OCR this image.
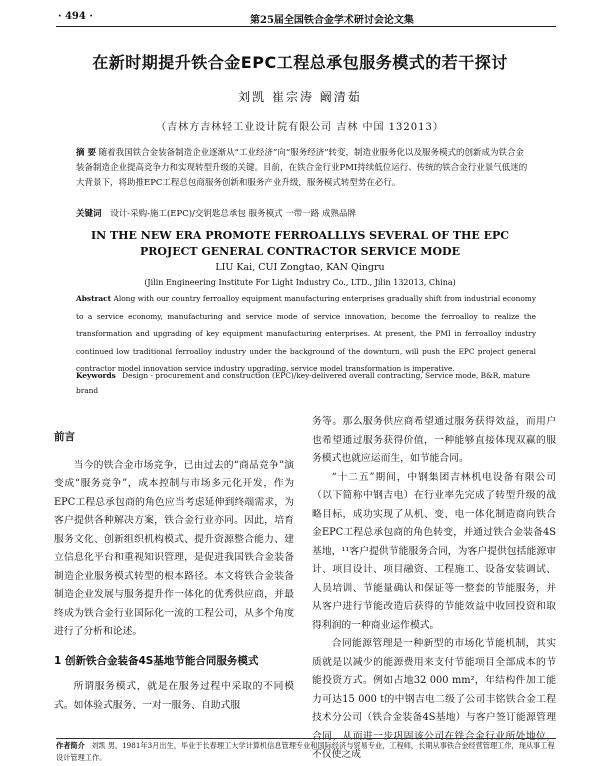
· 494 ·	第25届全国铁合金学术研讨会论文集
在新时期提升铁合金EPC工程总承包服务模式的若干探讨
刘凯 崔宗涛 阚清茹
（吉林方吉林轻工业设计院有限公司 吉林 中国 132013）
摘 要 随着我国铁合金装备制造企业逐渐从“工业经济”向“服务经济”转变，制造业服务化以及服务模式的创新成为铁合金装备制造企业提高竞争力和实现转型升级的关键。目前，在铁合金行业PMI持续低位运行、传统的铁合金行业景气低迷的大背景下，将助推EPC工程总包商服务创新和服务产业升级，服务模式转型势在必行。
关键词 设计-采购-施工(EPC)/交钥匙总承包 服务模式 一带一路 成熟品牌
IN THE NEW ERA PROMOTE FERROALLLYS SEVERAL OF THE EPC
PROJECT GENERAL CONTRACTOR SERVICE MODE
LIU Kai, CUI Zongtao, KAN Qingru
(Jilin Engineering Institute For Light Industry Co., LTD., Jilin 132013, China)
Abstract Along with our country ferroalloy equipment manufacturing enterprises gradually shift from industrial economy to a service economy, manufacturing and service mode of service innovation, become the ferroalloy to realize the transformation and upgrading of key equipment manufacturing enterprises. At present, the PMI in ferroalloy industry continued low traditional ferroalloy industry under the background of the downturn, will push the EPC project general contractor model innovation service industry upgrading, service model transformation is imperative.
Keywords Design - procurement and construction (EPC)/key-delivered overall contracting, Service mode, B&R, mature brand
前言

当今的铁合金市场竞争，已由过去的“商品竞争”演变成“服务竞争”，成本控制与市场多元化开发，作为EPC工程总承包商的角色应当考虑延伸到终端需求，为客户提供各种解决方案，铁合金行业亦同。因此，培育服务文化、创新组织机构模式、提升资源整合能力、建立信息化平台和重视知识管理，是促进我国铁合金装备制造企业服务模式转型的根本路径。本文将铁合金装备制造企业发展与服务提升作一体化的优秀供应商，并最终成为铁合金行业国际化一流的工程公司，从多个角度进行了分析和论述。

1 创新铁合金装备4S基地节能合同服务模式

所谓服务模式，就是在服务过程中采取的不同模式。如体验式服务、一对一服务、自助式服

务等。那么服务供应商希望通过服务获得效益，而用户也希望通过服务获得价值，一种能够直接体现双赢的服务模式也就应运而生，如节能合同。

“十二五”期间，中钢集团吉林机电设备有限公司（以下简称中钢吉电）在行业率先完成了转型升级的战略目标，成功实现了从机、变、电一体化制造商向铁合金EPC工程总承包商的角色转变，并通过铁合金装备4S基地，¹¹客户提供节能服务合同，为客户提供包括能源审计、项目设计、项目融资、工程施工、设备安装调试、人员培训、节能量确认和保证等一整套的节能服务，并从客户进行节能改造后获得的节能效益中收回投资和取得利润的一种商业运作模式。

合同能源管理是一种新型的市场化节能机制，其实质就是以减少的能源费用来支付节能项目全部成本的节能投资方式。例如占地32 000 mm²，年结构件加工能力可达15 000 t的中钢吉电二级了公司丰铭铁合金工程技术分公司（铁合金装备4S基地）与客户签订能源管理合同，从而进一步巩固该公司在铁合金行业所处地位，不仅使之成

作者简介 刘凯 男，1981年3月出生，毕业于长春理工大学计算机信息管理专业和国际经济与贸易专业，工程师，长期从事铁合金经营管理工作，现从事工程设计管理工作。
